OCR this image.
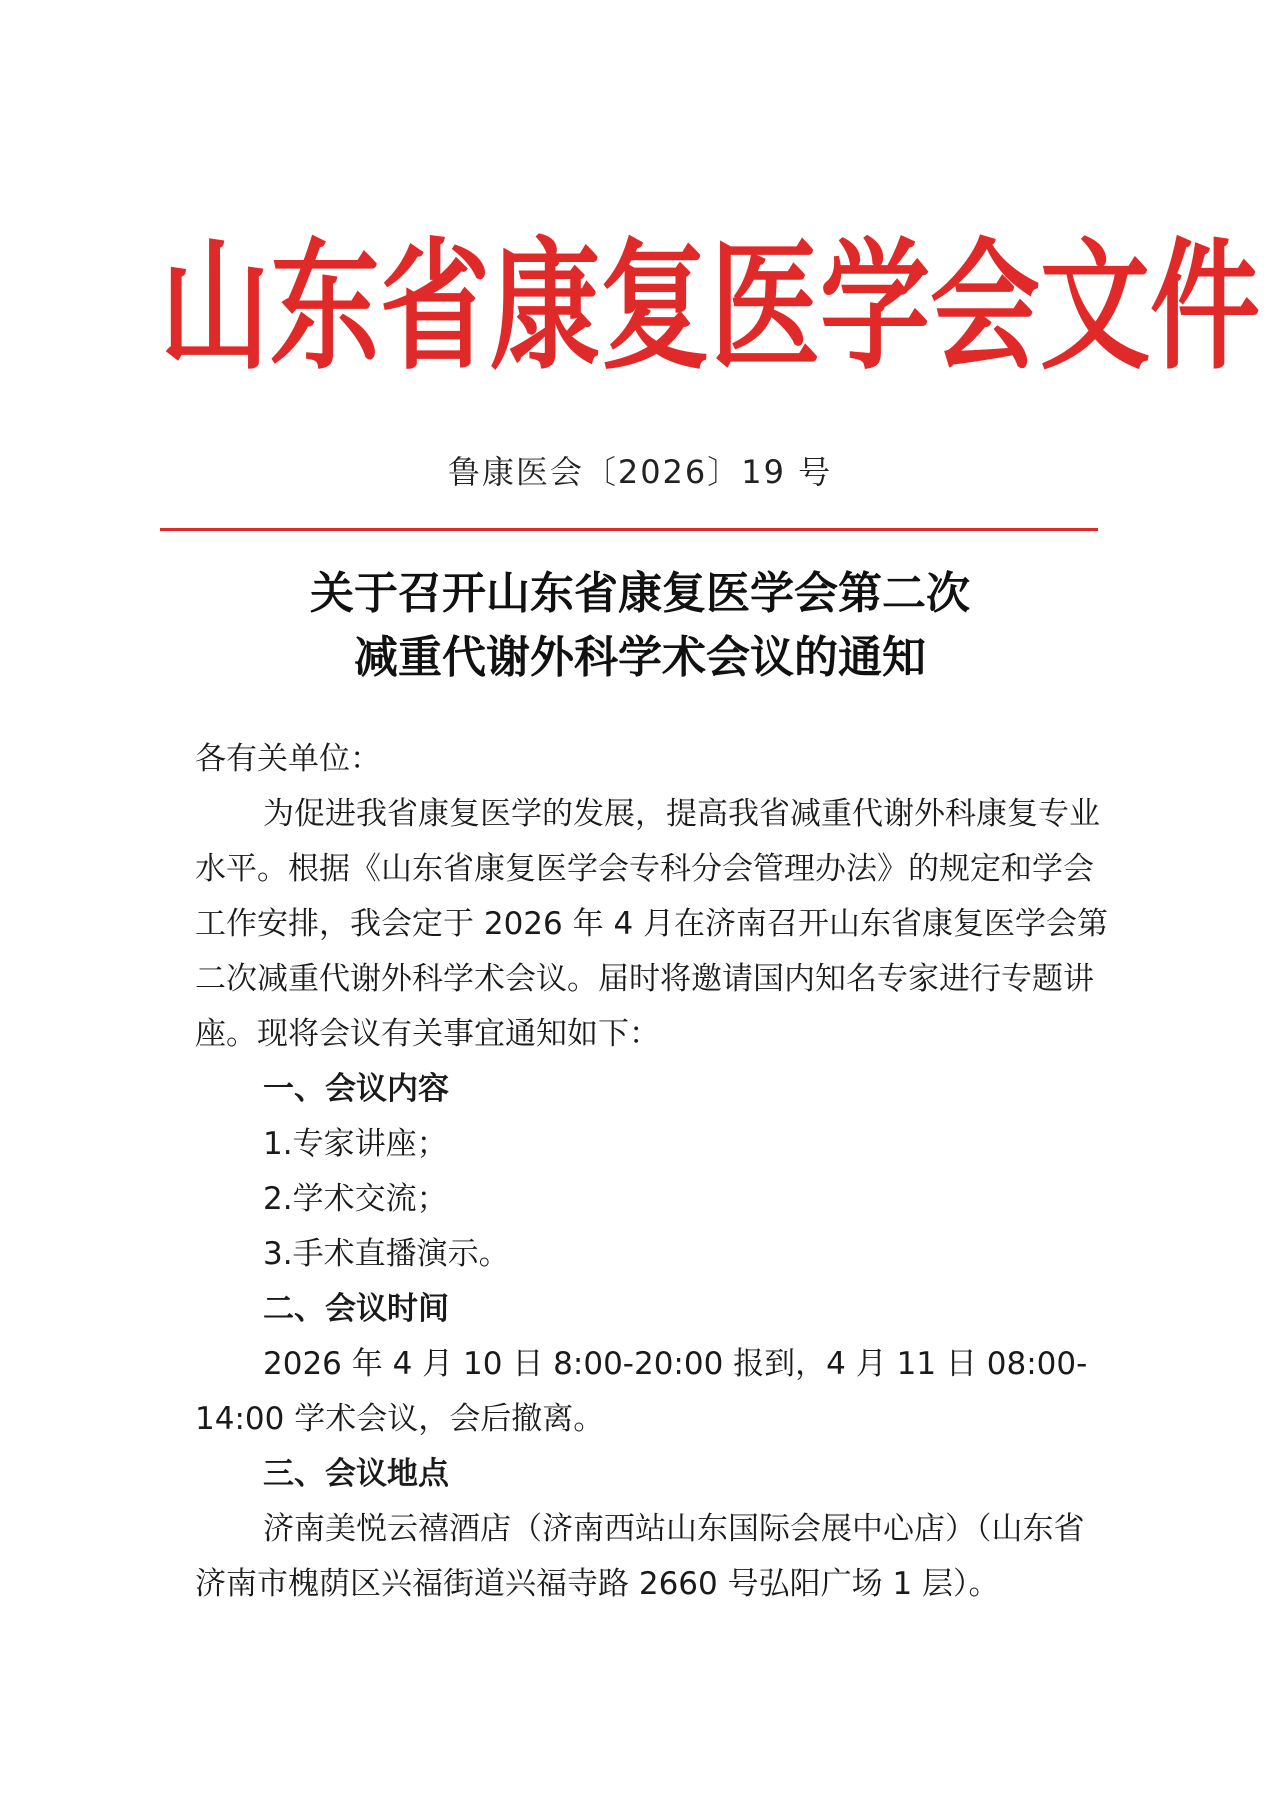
山东省康复医学会文件
鲁康医会〔2026〕19 号
关于召开山东省康复医学会第二次
减重代谢外科学术会议的通知

各有关单位：

为促进我省康复医学的发展，提高我省减重代谢外科康复专业水平。根据《山东省康复医学会专科分会管理办法》的规定和学会工作安排，我会定于 2026 年 4 月在济南召开山东省康复医学会第二次减重代谢外科学术会议。届时将邀请国内知名专家进行专题讲座。现将会议有关事宜通知如下：

一、会议内容

1.专家讲座；

2.学术交流；

3.手术直播演示。

二、会议时间

2026 年 4 月 10 日 8:00-20:00 报到，4 月 11 日 08:00-14:00 学术会议，会后撤离。

三、会议地点

济南美悦云禧酒店（济南西站山东国际会展中心店）（山东省济南市槐荫区兴福街道兴福寺路 2660 号弘阳广场 1 层）。
